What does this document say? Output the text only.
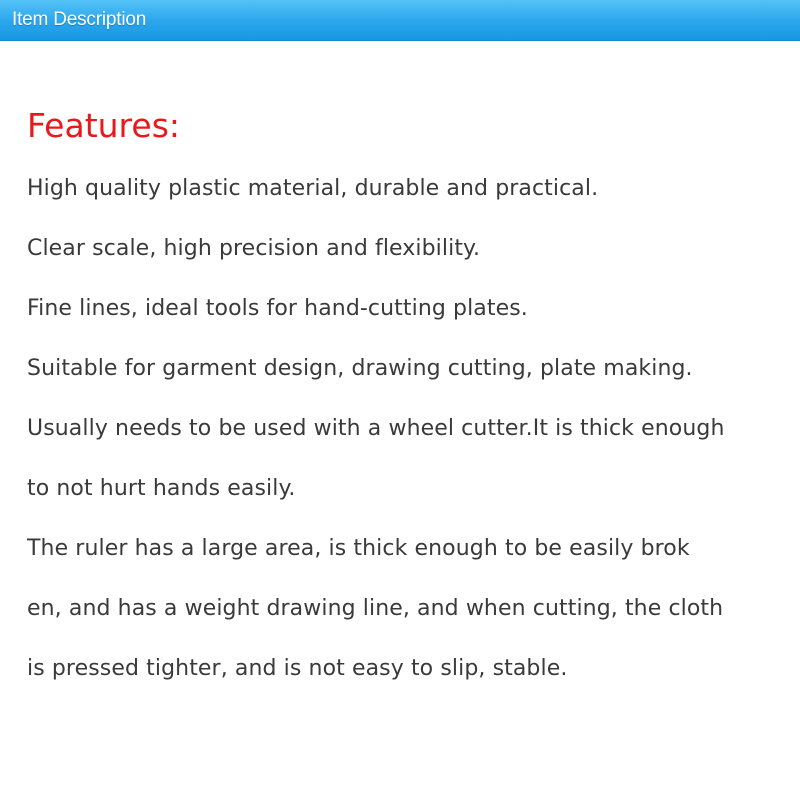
Item Description
Features:
High quality plastic material, durable and practical.
Clear scale, high precision and flexibility.
Fine lines, ideal tools for hand-cutting plates.
Suitable for garment design, drawing cutting, plate making.
Usually needs to be used with a wheel cutter.It is thick enough
to not hurt hands easily.
The ruler has a large area, is thick enough to be easily brok
en, and has a weight drawing line, and when cutting, the cloth
is pressed tighter, and is not easy to slip, stable.
